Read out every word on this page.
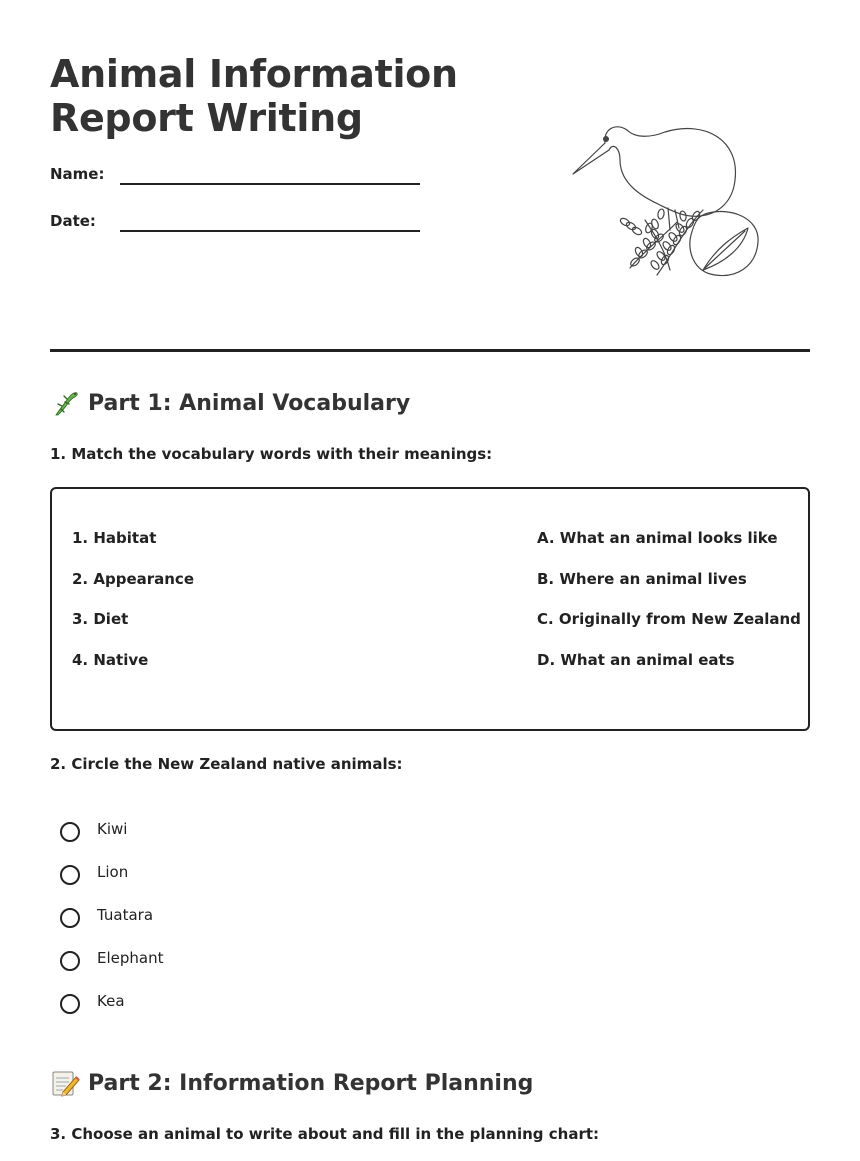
Animal Information
Report Writing
Name:
Date:
Part 1: Animal Vocabulary

1. Match the vocabulary words with their meanings:

1. Habitat
2. Appearance
3. Diet
4. Native
A. What an animal looks like
B. Where an animal lives
C. Originally from New Zealand
D. What an animal eats

2. Circle the New Zealand native animals:

Kiwi
Lion
Tuatara
Elephant
Kea
Part 2: Information Report Planning

3. Choose an animal to write about and fill in the planning chart:
